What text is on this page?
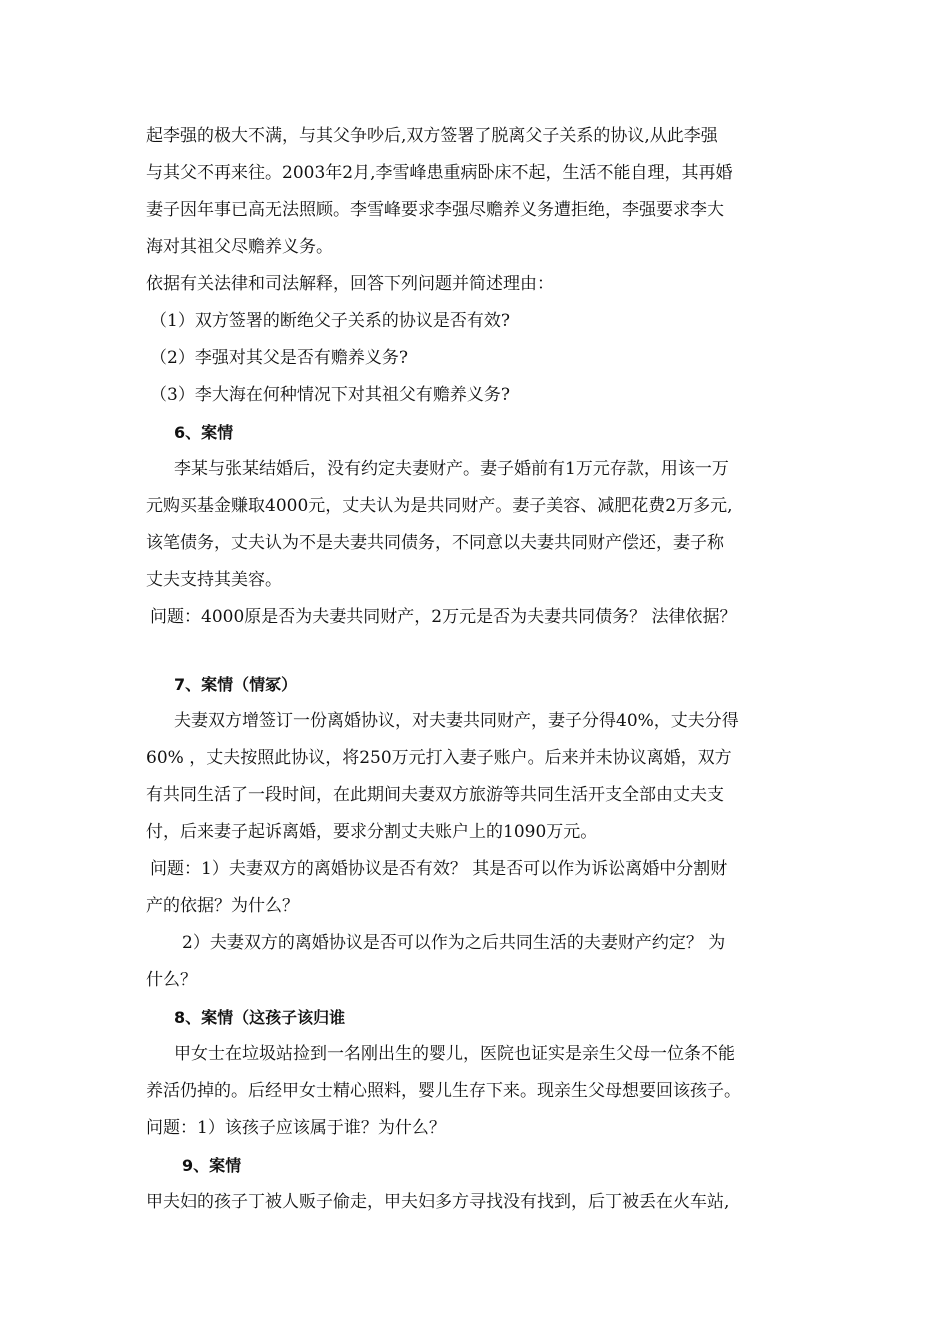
起李强的极大不满，与其父争吵后,双方签署了脱离父子关系的协议,从此李强
与其父不再来往。2003年2月,李雪峰患重病卧床不起，生活不能自理，其再婚
妻子因年事已高无法照顾。李雪峰要求李强尽赡养义务遭拒绝，李强要求李大
海对其祖父尽赡养义务。
依据有关法律和司法解释，回答下列问题并简述理由：
（1）双方签署的断绝父子关系的协议是否有效?
（2）李强对其父是否有赡养义务?
（3）李大海在何种情况下对其祖父有赡养义务?
6、案情
李某与张某结婚后，没有约定夫妻财产。妻子婚前有1万元存款，用该一万
元购买基金赚取4000元，丈夫认为是共同财产。妻子美容、减肥花费2万多元,
该笔债务，丈夫认为不是夫妻共同债务，不同意以夫妻共同财产偿还，妻子称
丈夫支持其美容。
问题：4000原是否为夫妻共同财产，2万元是否为夫妻共同债务？ 法律依据？
7、案情（情冢）
夫妻双方增签订一份离婚协议，对夫妻共同财产，妻子分得40%，丈夫分得
60% ，丈夫按照此协议，将250万元打入妻子账户。后来并未协议离婚，双方
有共同生活了一段时间，在此期间夫妻双方旅游等共同生活开支全部由丈夫支
付，后来妻子起诉离婚，要求分割丈夫账户上的1090万元。
问题：1）夫妻双方的离婚协议是否有效？ 其是否可以作为诉讼离婚中分割财
产的依据？为什么？
2）夫妻双方的离婚协议是否可以作为之后共同生活的夫妻财产约定？ 为
什么？
8、案情（这孩子该归谁
甲女士在垃圾站捡到一名刚出生的婴儿，医院也证实是亲生父母一位条不能
养活仍掉的。后经甲女士精心照料，婴儿生存下来。现亲生父母想要回该孩子。
问题：1）该孩子应该属于谁？为什么？
9、案情
甲夫妇的孩子丁被人贩子偷走，甲夫妇多方寻找没有找到，后丁被丢在火车站,
